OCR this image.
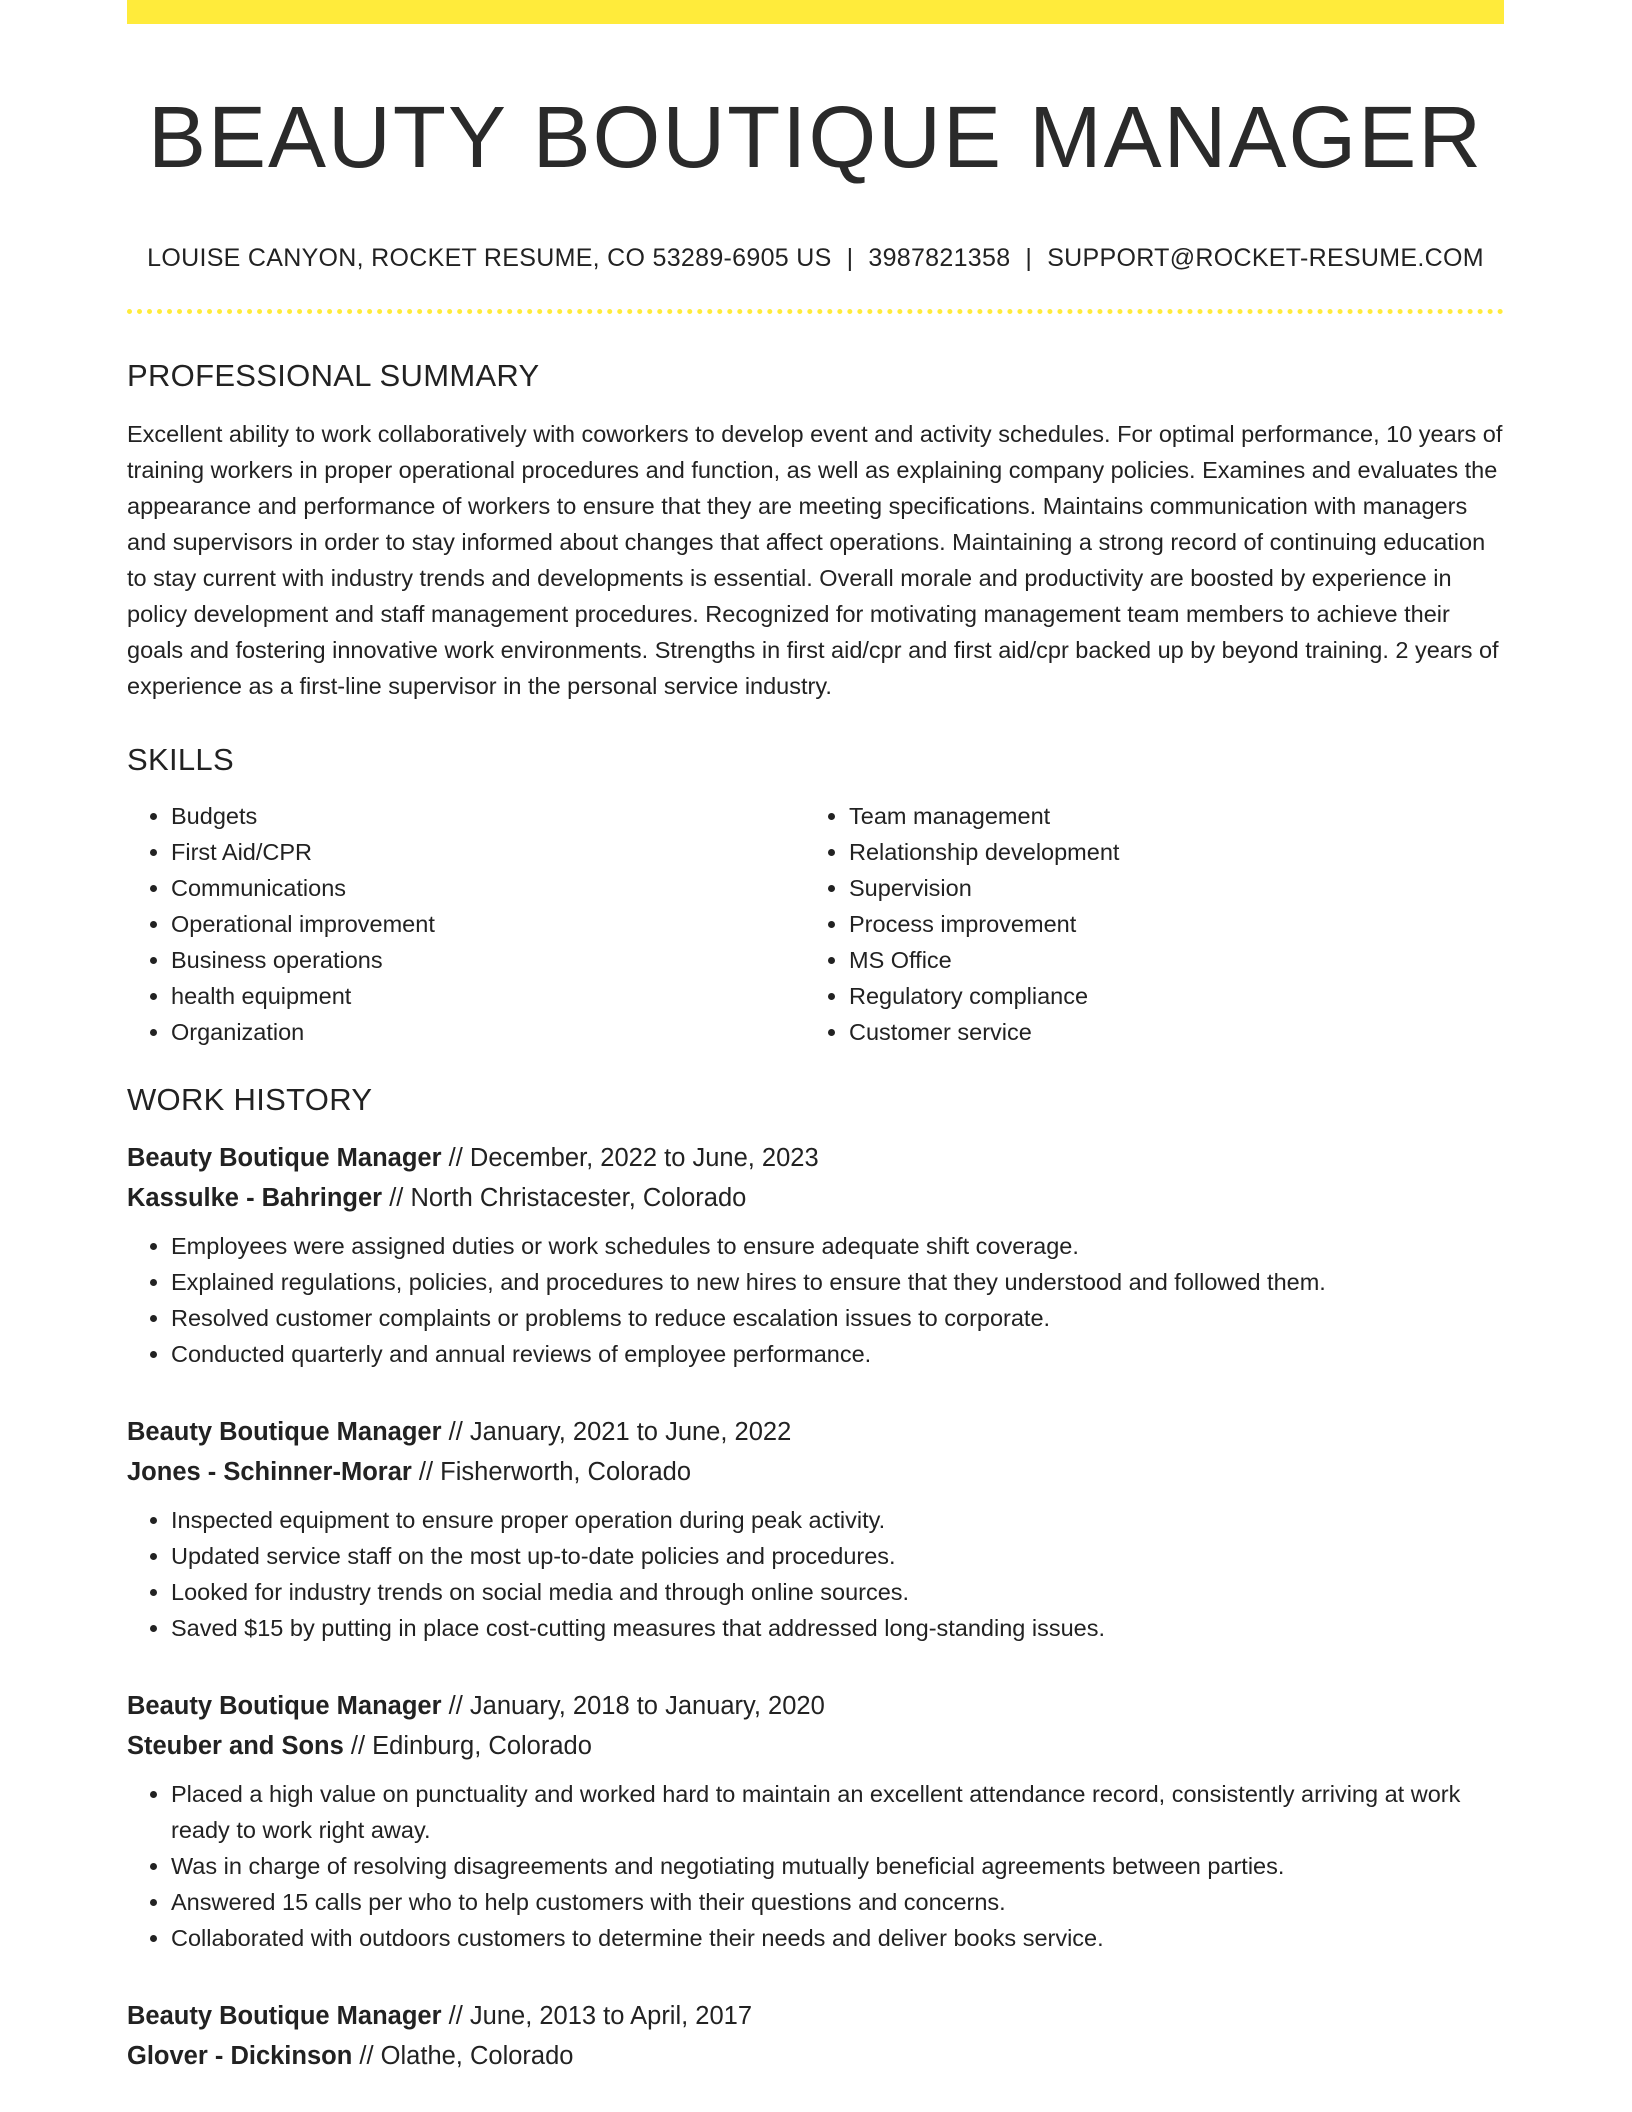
BEAUTY BOUTIQUE MANAGER
LOUISE CANYON, ROCKET RESUME, CO 53289-6905 US | 3987821358 | SUPPORT@ROCKET-RESUME.COM
PROFESSIONAL SUMMARY

Excellent ability to work collaboratively with coworkers to develop event and activity schedules. For optimal performance, 10 years of training workers in proper operational procedures and function, as well as explaining company policies. Examines and evaluates the appearance and performance of workers to ensure that they are meeting specifications. Maintains communication with managers and supervisors in order to stay informed about changes that affect operations. Maintaining a strong record of continuing education to stay current with industry trends and developments is essential. Overall morale and productivity are boosted by experience in policy development and staff management procedures. Recognized for motivating management team members to achieve their goals and fostering innovative work environments. Strengths in first aid/cpr and first aid/cpr backed up by beyond training. 2 years of experience as a first-line supervisor in the personal service industry.

SKILLS
• Budgets
• First Aid/CPR
• Communications
• Operational improvement
• Business operations
• health equipment
• Organization
• Team management
• Relationship development
• Supervision
• Process improvement
• MS Office
• Regulatory compliance
• Customer service
WORK HISTORY
Beauty Boutique Manager // December, 2022 to June, 2023
Kassulke - Bahringer // North Christacester, Colorado
• Employees were assigned duties or work schedules to ensure adequate shift coverage.
• Explained regulations, policies, and procedures to new hires to ensure that they understood and followed them.
• Resolved customer complaints or problems to reduce escalation issues to corporate.
• Conducted quarterly and annual reviews of employee performance.
Beauty Boutique Manager // January, 2021 to June, 2022
Jones - Schinner-Morar // Fisherworth, Colorado
• Inspected equipment to ensure proper operation during peak activity.
• Updated service staff on the most up-to-date policies and procedures.
• Looked for industry trends on social media and through online sources.
• Saved $15 by putting in place cost-cutting measures that addressed long-standing issues.
Beauty Boutique Manager // January, 2018 to January, 2020
Steuber and Sons // Edinburg, Colorado
• Placed a high value on punctuality and worked hard to maintain an excellent attendance record, consistently arriving at work ready to work right away.
• Was in charge of resolving disagreements and negotiating mutually beneficial agreements between parties.
• Answered 15 calls per who to help customers with their questions and concerns.
• Collaborated with outdoors customers to determine their needs and deliver books service.
Beauty Boutique Manager // June, 2013 to April, 2017
Glover - Dickinson // Olathe, Colorado
